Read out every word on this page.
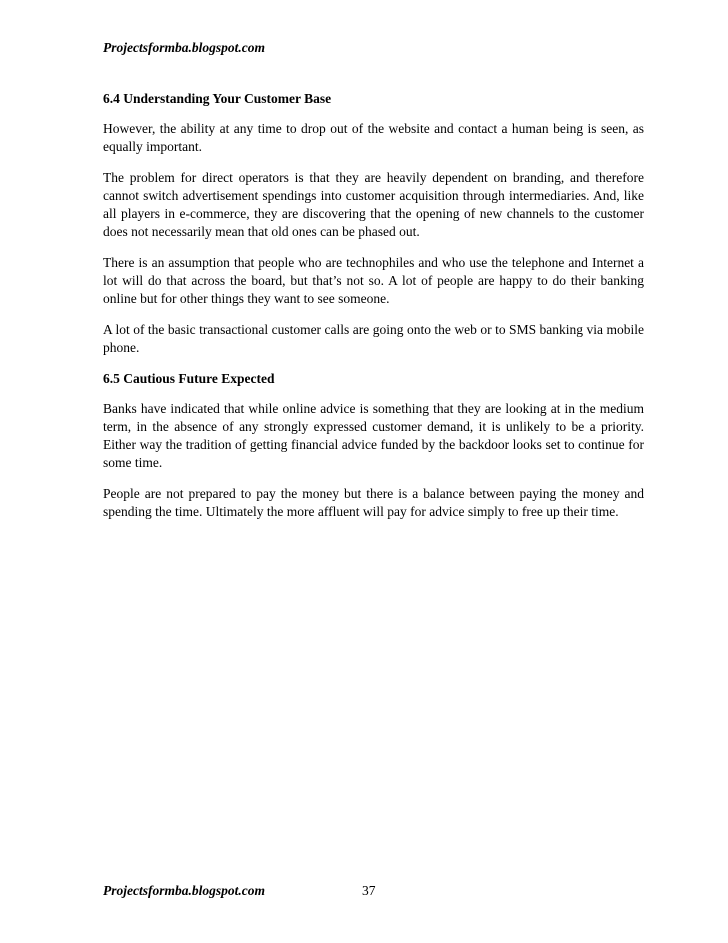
Projectsformba.blogspot.com
6.4 Understanding Your Customer Base

However, the ability at any time to drop out of the website and contact a human being is seen, as equally important.

The problem for direct operators is that they are heavily dependent on branding, and therefore cannot switch advertisement spendings into customer acquisition through intermediaries. And, like all players in e-commerce, they are discovering that the opening of new channels to the customer does not necessarily mean that old ones can be phased out.

There is an assumption that people who are technophiles and who use the telephone and Internet a lot will do that across the board, but that’s not so. A lot of people are happy to do their banking online but for other things they want to see someone.

A lot of the basic transactional customer calls are going onto the web or to SMS banking via mobile phone.

6.5 Cautious Future Expected

Banks have indicated that while online advice is something that they are looking at in the medium term, in the absence of any strongly expressed customer demand, it is unlikely to be a priority. Either way the tradition of getting financial advice funded by the backdoor looks set to continue for some time.

People are not prepared to pay the money but there is a balance between paying the money and spending the time. Ultimately the more affluent will pay for advice simply to free up their time.

Projectsformba.blogspot.com	37
